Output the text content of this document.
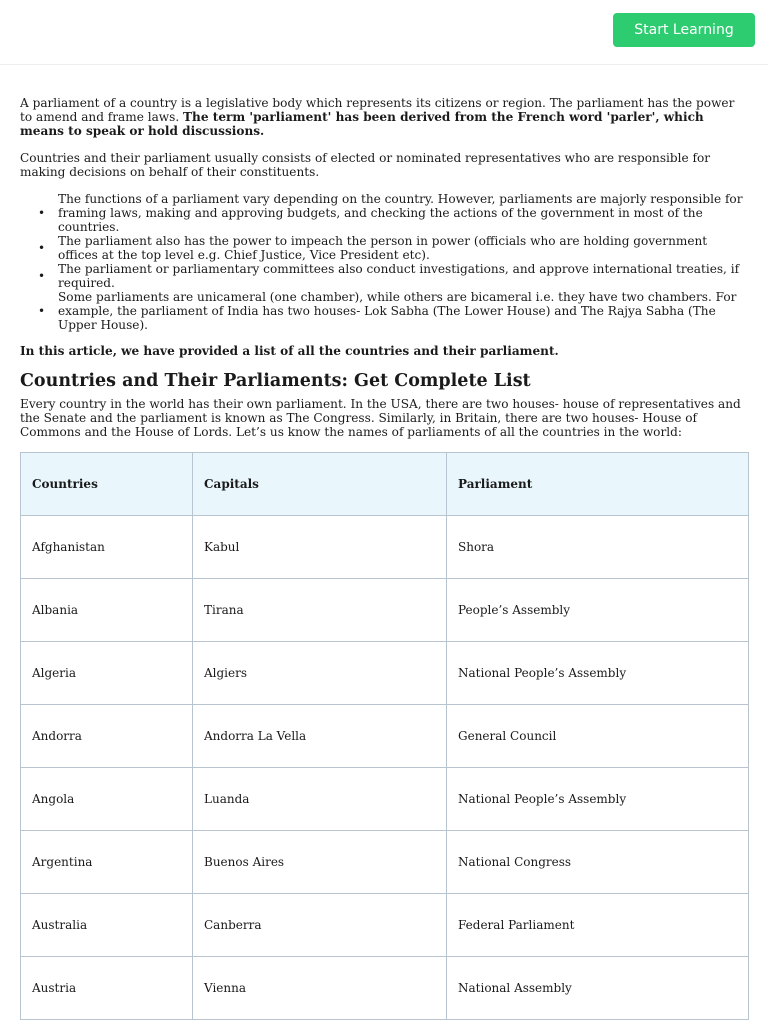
Start Learning

A parliament of a country is a legislative body which represents its citizens or region. The parliament has the power to amend and frame laws. The term 'parliament' has been derived from the French word 'parler', which means to speak or hold discussions.

Countries and their parliament usually consists of elected or nominated representatives who are responsible for making decisions on behalf of their constituents.

• The functions of a parliament vary depending on the country. However, parliaments are majorly responsible for framing laws, making and approving budgets, and checking the actions of the government in most of the countries.
• The parliament also has the power to impeach the person in power (officials who are holding government offices at the top level e.g. Chief Justice, Vice President etc).
• The parliament or parliamentary committees also conduct investigations, and approve international treaties, if required.
• Some parliaments are unicameral (one chamber), while others are bicameral i.e. they have two chambers. For example, the parliament of India has two houses- Lok Sabha (The Lower House) and The Rajya Sabha (The Upper House).

In this article, we have provided a list of all the countries and their parliament.

Countries and Their Parliaments: Get Complete List

Every country in the world has their own parliament. In the USA, there are two houses- house of representatives and the Senate and the parliament is known as The Congress. Similarly, in Britain, there are two houses- House of Commons and the House of Lords. Let’s us know the names of parliaments of all the countries in the world:

Countries	Capitals	Parliament
Afghanistan	Kabul	Shora
Albania	Tirana	People’s Assembly
Algeria	Algiers	National People’s Assembly
Andorra	Andorra La Vella	General Council
Angola	Luanda	National People’s Assembly
Argentina	Buenos Aires	National Congress
Australia	Canberra	Federal Parliament
Austria	Vienna	National Assembly
